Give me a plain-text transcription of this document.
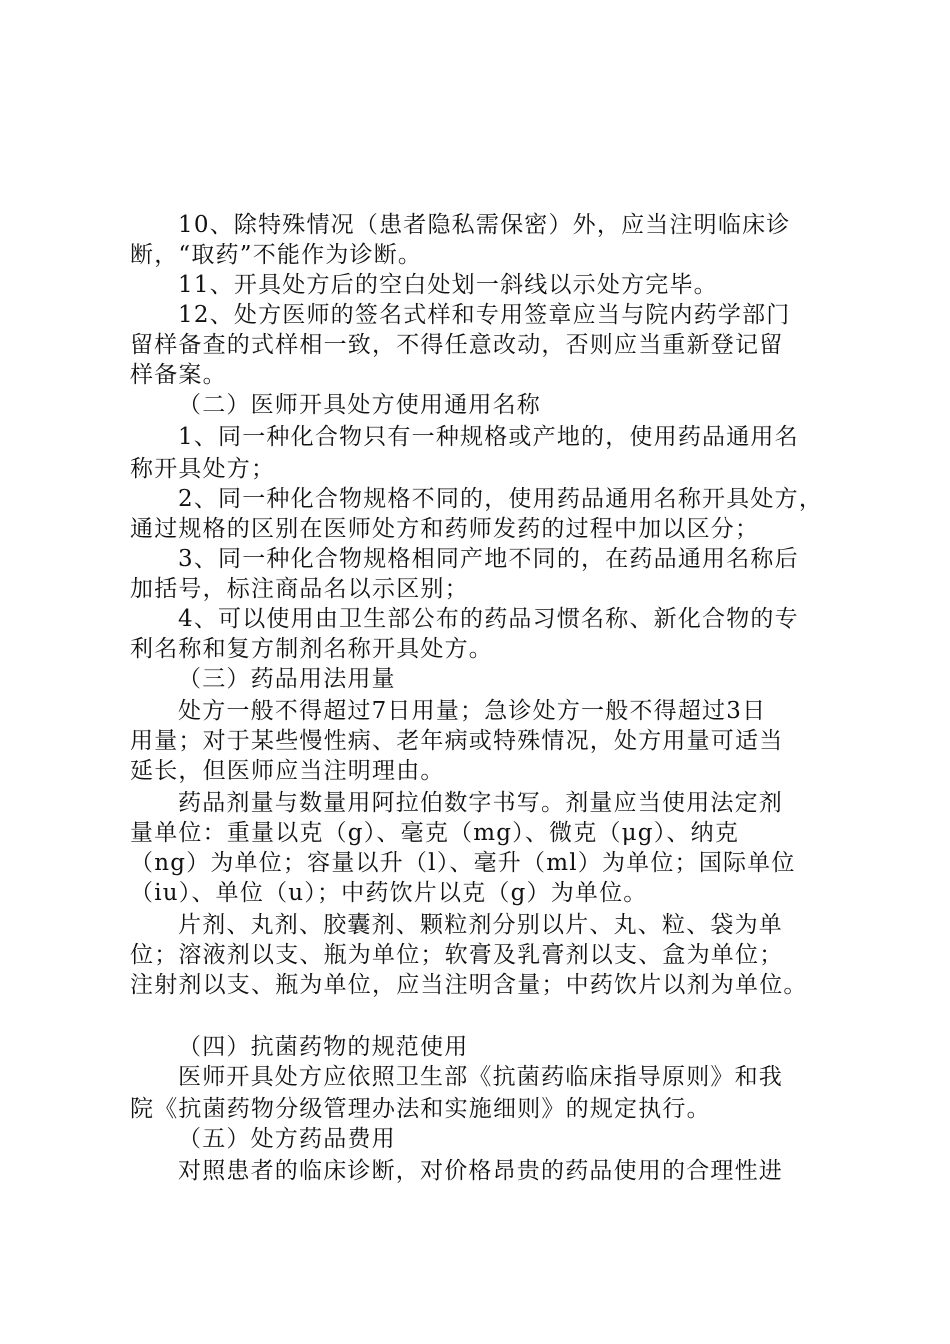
10、除特殊情况（患者隐私需保密）外，应当注明临床诊
断，“取药”不能作为诊断。
11、开具处方后的空白处划一斜线以示处方完毕。
12、处方医师的签名式样和专用签章应当与院内药学部门
留样备查的式样相一致，不得任意改动，否则应当重新登记留
样备案。
（二）医师开具处方使用通用名称
1、同一种化合物只有一种规格或产地的，使用药品通用名
称开具处方；
2、同一种化合物规格不同的，使用药品通用名称开具处方，
通过规格的区别在医师处方和药师发药的过程中加以区分；
3、同一种化合物规格相同产地不同的，在药品通用名称后
加括号，标注商品名以示区别；
4、可以使用由卫生部公布的药品习惯名称、新化合物的专
利名称和复方制剂名称开具处方。
（三）药品用法用量
处方一般不得超过7日用量；急诊处方一般不得超过3日
用量；对于某些慢性病、老年病或特殊情况，处方用量可适当
延长，但医师应当注明理由。
药品剂量与数量用阿拉伯数字书写。剂量应当使用法定剂
量单位：重量以克（g）、毫克（mg）、微克（μg）、纳克
（ng）为单位；容量以升（l）、毫升（ml）为单位；国际单位
（iu）、单位（u）；中药饮片以克（g）为单位。
片剂、丸剂、胶囊剂、颗粒剂分别以片、丸、粒、袋为单
位；溶液剂以支、瓶为单位；软膏及乳膏剂以支、盒为单位；
注射剂以支、瓶为单位，应当注明含量；中药饮片以剂为单位。
（四）抗菌药物的规范使用
医师开具处方应依照卫生部《抗菌药临床指导原则》和我
院《抗菌药物分级管理办法和实施细则》的规定执行。
（五）处方药品费用
对照患者的临床诊断，对价格昂贵的药品使用的合理性进
